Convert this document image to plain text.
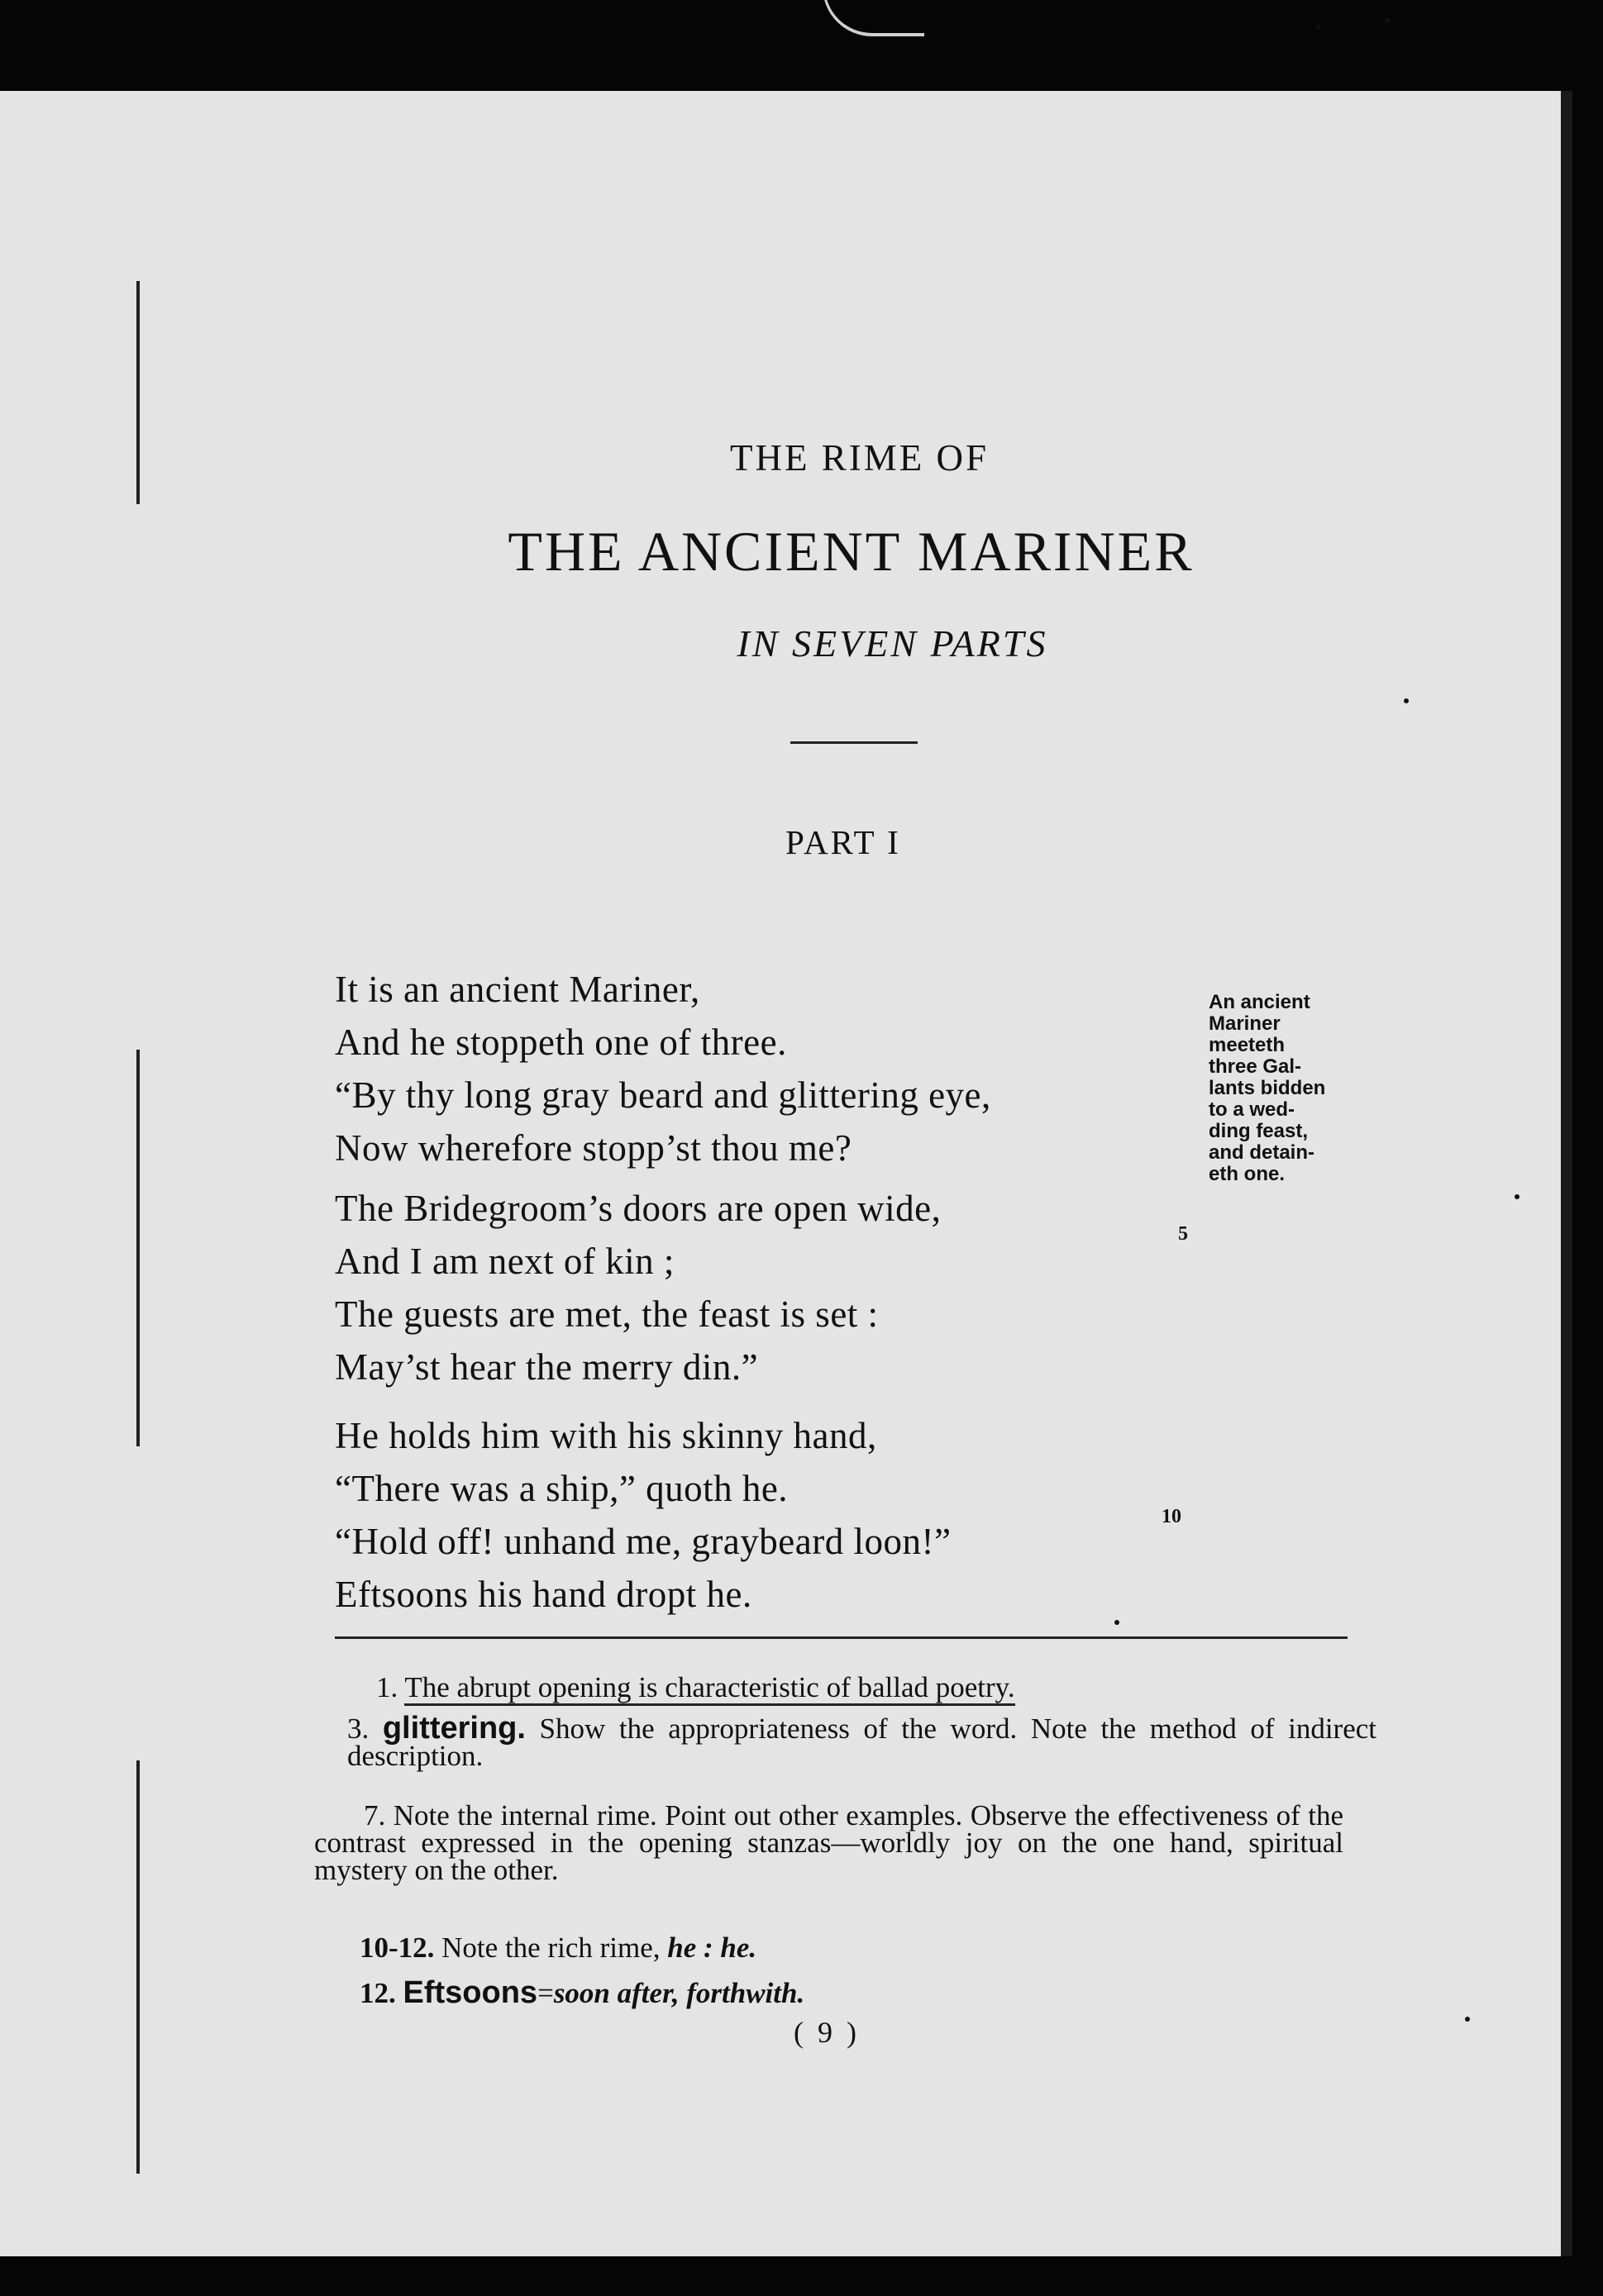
THE RIME OF
THE ANCIENT MARINER
IN SEVEN PARTS
PART I
It is an ancient Mariner,
And he stoppeth one of three.
“By thy long gray beard and glittering eye,
Now wherefore stopp’st thou me?
The Bridegroom’s doors are open wide,
And I am next of kin ;
The guests are met, the feast is set :
May’st hear the merry din.”
He holds him with his skinny hand,
“There was a ship,” quoth he.
“Hold off! unhand me, graybeard loon!”
Eftsoons his hand dropt he.
An ancient
Mariner
meeteth
three Gal-
lants bidden
to a wed-
ding feast,
and detain-
eth one.
5
10
1. The abrupt opening is characteristic of ballad poetry.
3. glittering. Show the appropriateness of the word. Note the method of indirect description.
7. Note the internal rime. Point out other examples. Observe the effectiveness of the contrast expressed in the opening stanzas—worldly joy on the one hand, spiritual mystery on the other.
10-12. Note the rich rime, he : he.
12. Eftsoons=soon after, forthwith.
( 9 )
